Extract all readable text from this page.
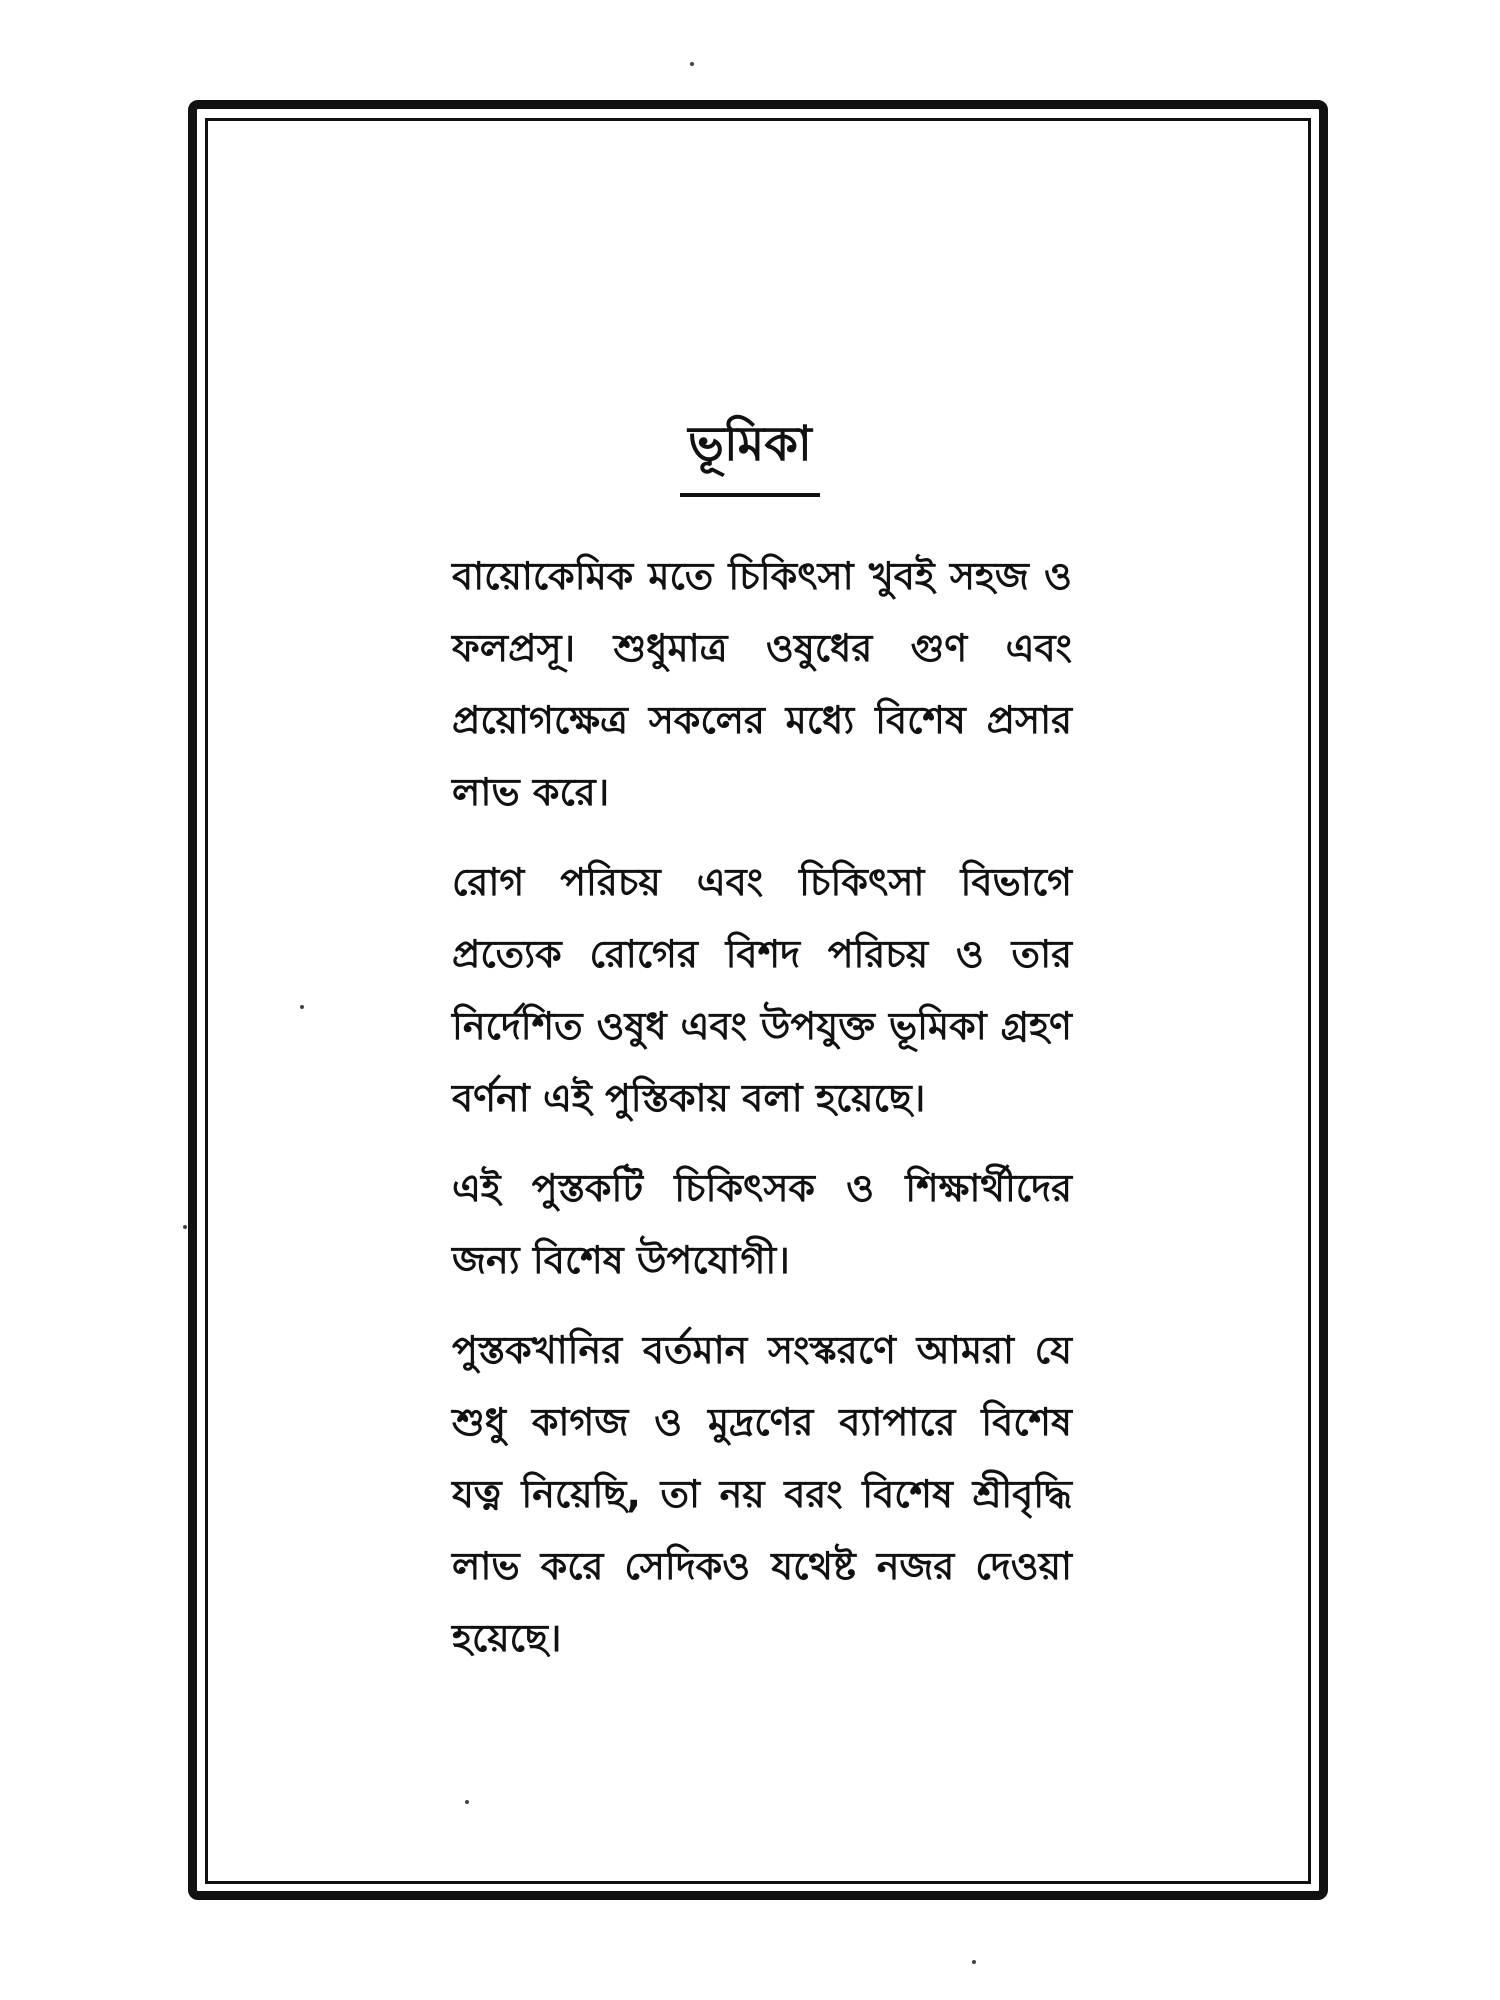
ভূমিকা

বায়োকেমিক মতে চিকিৎসা খুবই সহজ ও ফলপ্রসূ। শুধুমাত্র ওষুধের গুণ এবং প্রয়োগক্ষেত্র সকলের মধ্যে বিশেষ প্রসার লাভ করে।

রোগ পরিচয় এবং চিকিৎসা বিভাগে প্রত্যেক রোগের বিশদ পরিচয় ও তার নির্দেশিত ওষুধ এবং উপযুক্ত ভূমিকা গ্রহণ বর্ণনা এই পুস্তিকায় বলা হয়েছে।

এই পুস্তকটি চিকিৎসক ও শিক্ষার্থীদের জন্য বিশেষ উপযোগী।

পুস্তকখানির বর্তমান সংস্করণে আমরা যে শুধু কাগজ ও মুদ্রণের ব্যাপারে বিশেষ যত্ন নিয়েছি, তা নয় বরং বিশেষ শ্রীবৃদ্ধি লাভ করে সেদিকও যথেষ্ট নজর দেওয়া হয়েছে।
